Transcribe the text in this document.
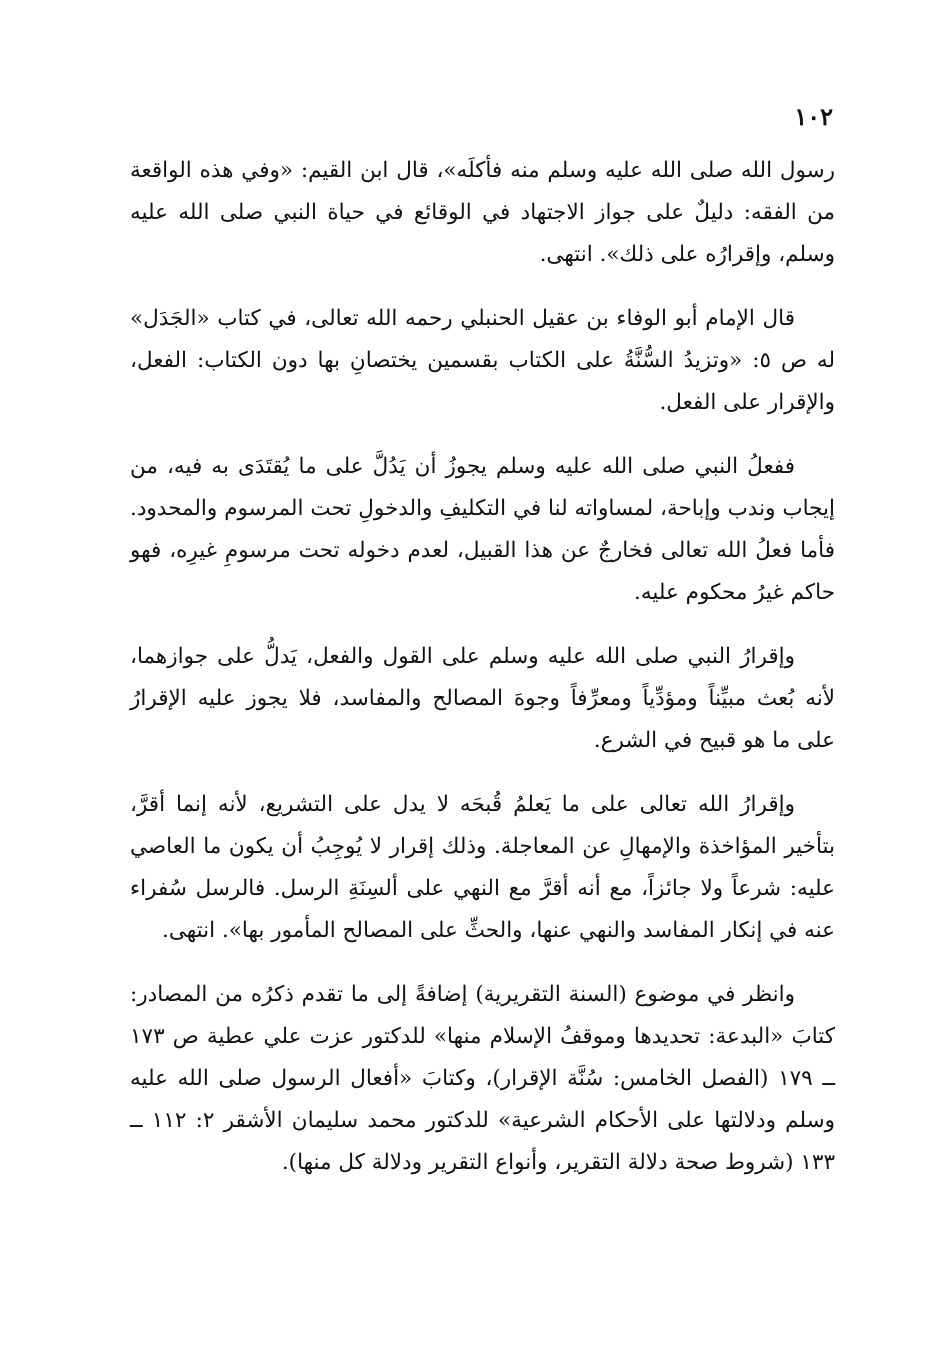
١٠٢

رسول الله صلى الله عليه وسلم منه فأكلَه»، قال ابن القيم: «وفي هذه الواقعة من الفقه: دليلٌ على جواز الاجتهاد في الوقائع في حياة النبي صلى الله عليه وسلم، وإقرارُه على ذلك». انتهى.

قال الإمام أبو الوفاء بن عقيل الحنبلي رحمه الله تعالى، في كتاب «الجَدَل» له ص ٥: «وتزيدُ السُّنَّةُ على الكتاب بقسمين يختصانِ بها دون الكتاب: الفعل، والإقرار على الفعل.

ففعلُ النبي صلى الله عليه وسلم يجوزُ أن يَدُلَّ على ما يُقتَدَى به فيه، من إيجاب وندب وإباحة، لمساواته لنا في التكليفِ والدخولِ تحت المرسوم والمحدود. فأما فعلُ الله تعالى فخارجٌ عن هذا القبيل، لعدم دخوله تحت مرسومِ غيرِه، فهو حاكم غيرُ محكوم عليه.

وإقرارُ النبي صلى الله عليه وسلم على القول والفعل، يَدلُّ على جوازهما، لأنه بُعث مبيِّناً ومؤدِّياً ومعرِّفاً وجوهَ المصالح والمفاسد، فلا يجوز عليه الإقرارُ على ما هو قبيح في الشرع.

وإقرارُ الله تعالى على ما يَعلمُ قُبحَه لا يدل على التشريع، لأنه إنما أقرَّ، بتأخير المؤاخذة والإمهالِ عن المعاجلة. وذلك إقرار لا يُوجِبُ أن يكون ما العاصي عليه: شرعاً ولا جائزاً، مع أنه أقرَّ مع النهي على ألسِنَةِ الرسل. فالرسل سُفراء عنه في إنكار المفاسد والنهي عنها، والحثِّ على المصالح المأمور بها». انتهى.

وانظر في موضوع (السنة التقريرية) إضافةً إلى ما تقدم ذكرُه من المصادر: كتابَ «البدعة: تحديدها وموقفُ الإسلام منها» للدكتور عزت علي عطية ص ١٧٣ ــ ١٧٩ (الفصل الخامس: سُنَّة الإقرار)، وكتابَ «أفعال الرسول صلى الله عليه وسلم ودلالتها على الأحكام الشرعية» للدكتور محمد سليمان الأشقر ٢: ١١٢ ــ ١٣٣ (شروط صحة دلالة التقرير، وأنواع التقرير ودلالة كل منها).
